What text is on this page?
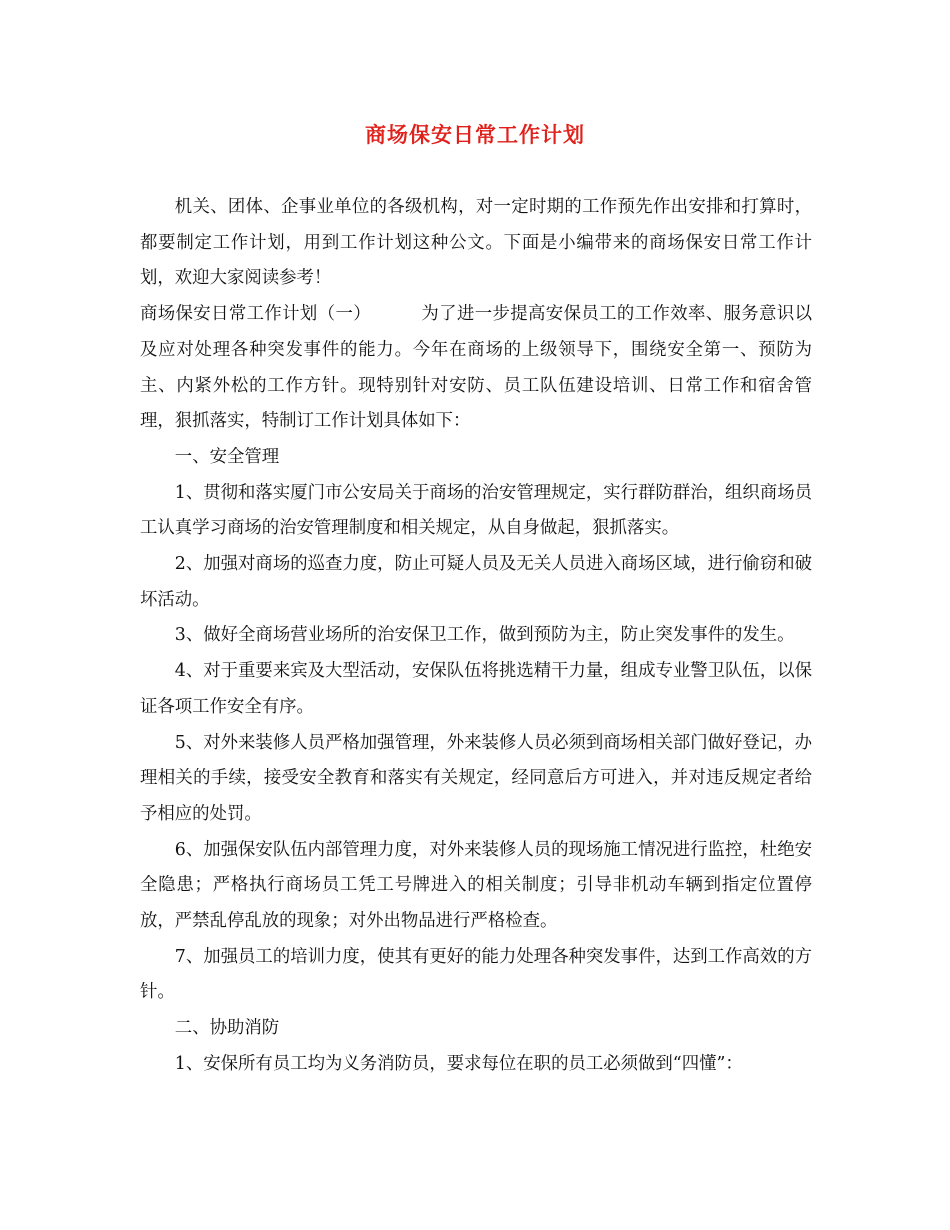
商场保安日常工作计划

机关、团体、企事业单位的各级机构，对一定时期的工作预先作出安排和打算时，都要制定工作计划，用到工作计划这种公文。下面是小编带来的商场保安日常工作计划，欢迎大家阅读参考！

商场保安日常工作计划（一）	为了进一步提高安保员工的工作效率、服务意识以及应对处理各种突发事件的能力。今年在商场的上级领导下，围绕安全第一、预防为主、内紧外松的工作方针。现特别针对安防、员工队伍建设培训、日常工作和宿舍管理，狠抓落实，特制订工作计划具体如下：

一、安全管理

1、贯彻和落实厦门市公安局关于商场的治安管理规定，实行群防群治，组织商场员工认真学习商场的治安管理制度和相关规定，从自身做起，狠抓落实。

2、加强对商场的巡查力度，防止可疑人员及无关人员进入商场区域，进行偷窃和破坏活动。

3、做好全商场营业场所的治安保卫工作，做到预防为主，防止突发事件的发生。

4、对于重要来宾及大型活动，安保队伍将挑选精干力量，组成专业警卫队伍，以保证各项工作安全有序。

5、对外来装修人员严格加强管理，外来装修人员必须到商场相关部门做好登记，办理相关的手续，接受安全教育和落实有关规定，经同意后方可进入，并对违反规定者给予相应的处罚。

6、加强保安队伍内部管理力度，对外来装修人员的现场施工情况进行监控，杜绝安全隐患；严格执行商场员工凭工号牌进入的相关制度；引导非机动车辆到指定位置停放，严禁乱停乱放的现象；对外出物品进行严格检查。

7、加强员工的培训力度，使其有更好的能力处理各种突发事件，达到工作高效的方针。

二、协助消防

1、安保所有员工均为义务消防员，要求每位在职的员工必须做到“四懂”：
